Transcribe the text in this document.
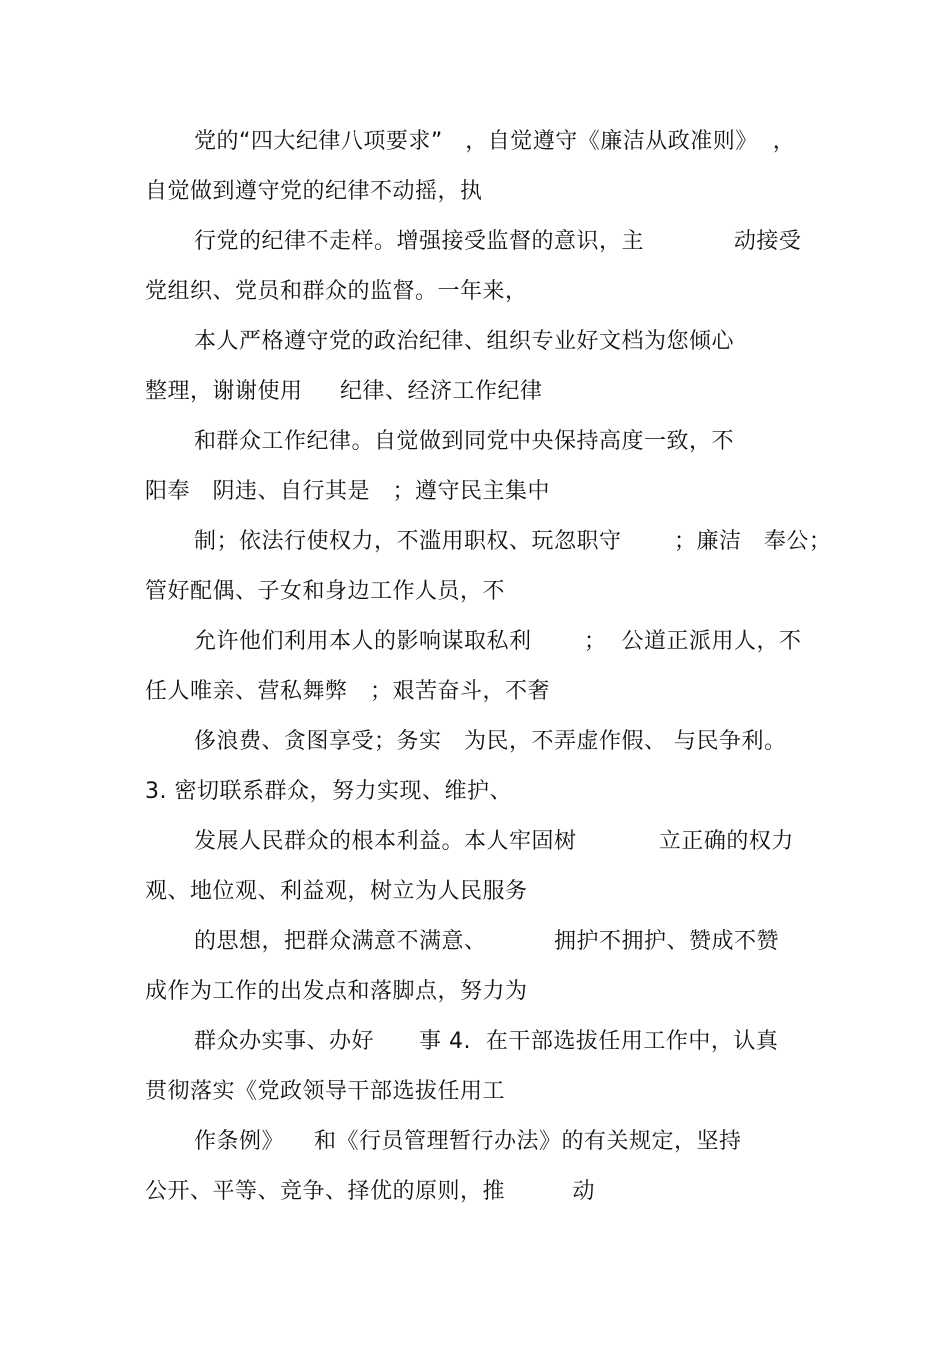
党的“四大纪律八项要求”   ，自觉遵守《廉洁从政准则》  ，
自觉做到遵守党的纪律不动摇，执
行党的纪律不走样。增强接受监督的意识，主            动接受
党组织、党员和群众的监督。一年来，
本人严格遵守党的政治纪律、组织专业好文档为您倾心
整理，谢谢使用     纪律、经济工作纪律
和群众工作纪律。自觉做到同党中央保持高度一致，不
阳奉   阴违、自行其是   ；遵守民主集中
制；依法行使权力，不滥用职权、玩忽职守       ；廉洁   奉公；
管好配偶、子女和身边工作人员，不
允许他们利用本人的影响谋取私利       ；  公道正派用人，不
任人唯亲、营私舞弊   ；艰苦奋斗，不奢
侈浪费、贪图享受；务实   为民，不弄虚作假、 与民争利。
3. 密切联系群众，努力实现、维护、
发展人民群众的根本利益。本人牢固树           立正确的权力
观、地位观、利益观，树立为人民服务
的思想，把群众满意不满意、         拥护不拥护、赞成不赞
成作为工作的出发点和落脚点，努力为
群众办实事、办好      事 4.  在干部选拔任用工作中，认真
贯彻落实《党政领导干部选拔任用工
作条例》    和《行员管理暂行办法》的有关规定，坚持
公开、平等、竞争、择优的原则，推         动
